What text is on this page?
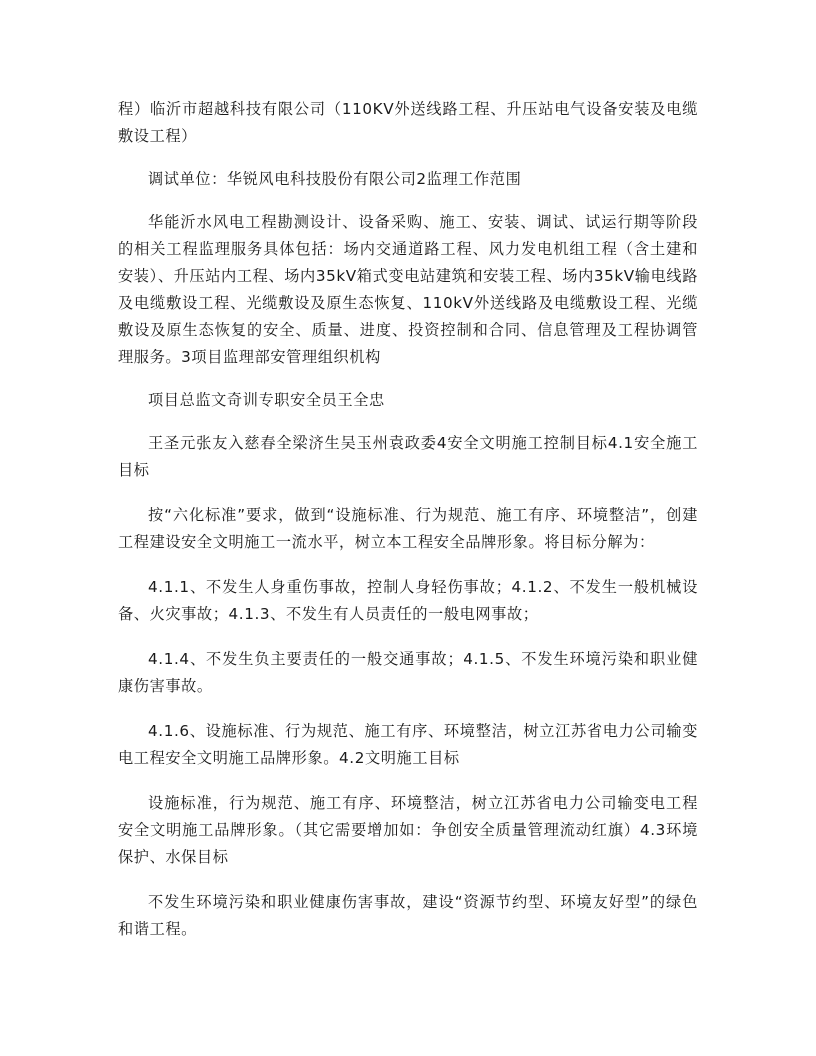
程）临沂市超越科技有限公司（110KV外送线路工程、升压站电气设备安装及电缆敷设工程）

调试单位：华锐风电科技股份有限公司2监理工作范围

华能沂水风电工程勘测设计、设备采购、施工、安装、调试、试运行期等阶段的相关工程监理服务具体包括：场内交通道路工程、风力发电机组工程（含土建和安装）、升压站内工程、场内35kV箱式变电站建筑和安装工程、场内35kV输电线路及电缆敷设工程、光缆敷设及原生态恢复、110kV外送线路及电缆敷设工程、光缆敷设及原生态恢复的安全、质量、进度、投资控制和合同、信息管理及工程协调管理服务。3项目监理部安管理组织机构

项目总监文奇训专职安全员王全忠

王圣元张友入慈春全梁济生吴玉州袁政委4安全文明施工控制目标4.1安全施工目标

按“六化标准”要求，做到“设施标准、行为规范、施工有序、环境整洁”，创建工程建设安全文明施工一流水平，树立本工程安全品牌形象。将目标分解为：

4.1.1、不发生人身重伤事故，控制人身轻伤事故；4.1.2、不发生一般机械设备、火灾事故；4.1.3、不发生有人员责任的一般电网事故；

4.1.4、不发生负主要责任的一般交通事故；4.1.5、不发生环境污染和职业健康伤害事故。

4.1.6、设施标准、行为规范、施工有序、环境整洁，树立江苏省电力公司输变电工程安全文明施工品牌形象。4.2文明施工目标

设施标准，行为规范、施工有序、环境整洁，树立江苏省电力公司输变电工程安全文明施工品牌形象。（其它需要增加如：争创安全质量管理流动红旗）4.3环境保护、水保目标

不发生环境污染和职业健康伤害事故，建设“资源节约型、环境友好型”的绿色和谐工程。
